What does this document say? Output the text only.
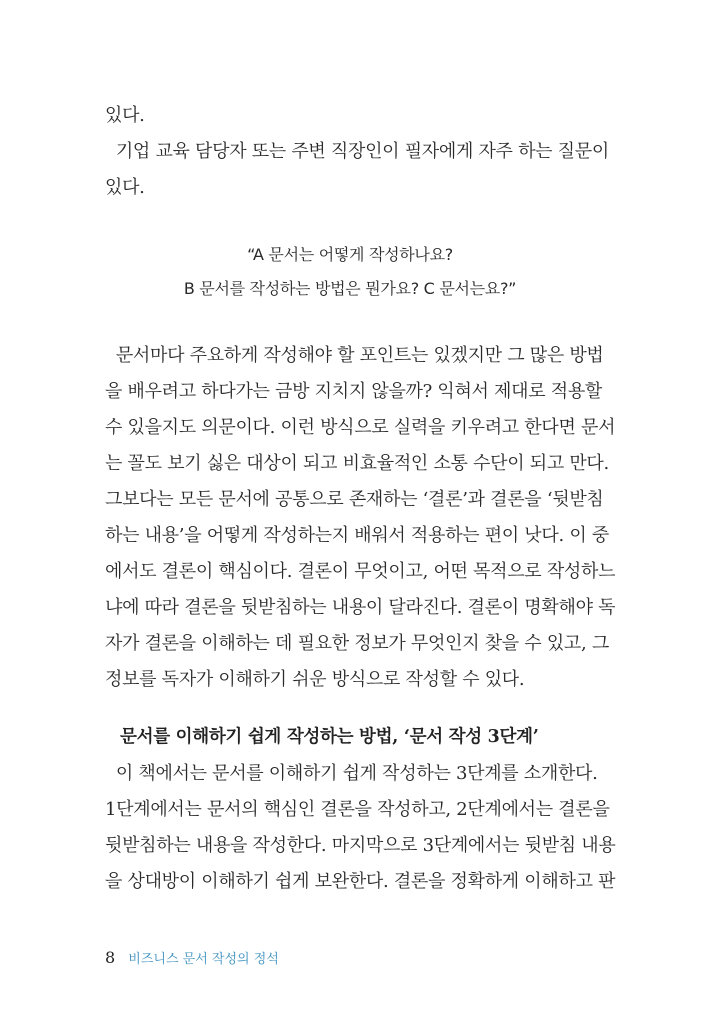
있다.
기업 교육 담당자 또는 주변 직장인이 필자에게 자주 하는 질문이
있다.
“A 문서는 어떻게 작성하나요?
B 문서를 작성하는 방법은 뭔가요? C 문서는요?”
문서마다 주요하게 작성해야 할 포인트는 있겠지만 그 많은 방법
을 배우려고 하다가는 금방 지치지 않을까? 익혀서 제대로 적용할
수 있을지도 의문이다. 이런 방식으로 실력을 키우려고 한다면 문서
는 꼴도 보기 싫은 대상이 되고 비효율적인 소통 수단이 되고 만다.
그보다는 모든 문서에 공통으로 존재하는 ‘결론’과 결론을 ‘뒷받침
하는 내용’을 어떻게 작성하는지 배워서 적용하는 편이 낫다. 이 중
에서도 결론이 핵심이다. 결론이 무엇이고, 어떤 목적으로 작성하느
냐에 따라 결론을 뒷받침하는 내용이 달라진다. 결론이 명확해야 독
자가 결론을 이해하는 데 필요한 정보가 무엇인지 찾을 수 있고, 그
정보를 독자가 이해하기 쉬운 방식으로 작성할 수 있다.
문서를 이해하기 쉽게 작성하는 방법, ‘문서 작성 3단계’
이 책에서는 문서를 이해하기 쉽게 작성하는 3단계를 소개한다.
1단계에서는 문서의 핵심인 결론을 작성하고, 2단계에서는 결론을
뒷받침하는 내용을 작성한다. 마지막으로 3단계에서는 뒷받침 내용
을 상대방이 이해하기 쉽게 보완한다. 결론을 정확하게 이해하고 판
8 비즈니스 문서 작성의 정석
